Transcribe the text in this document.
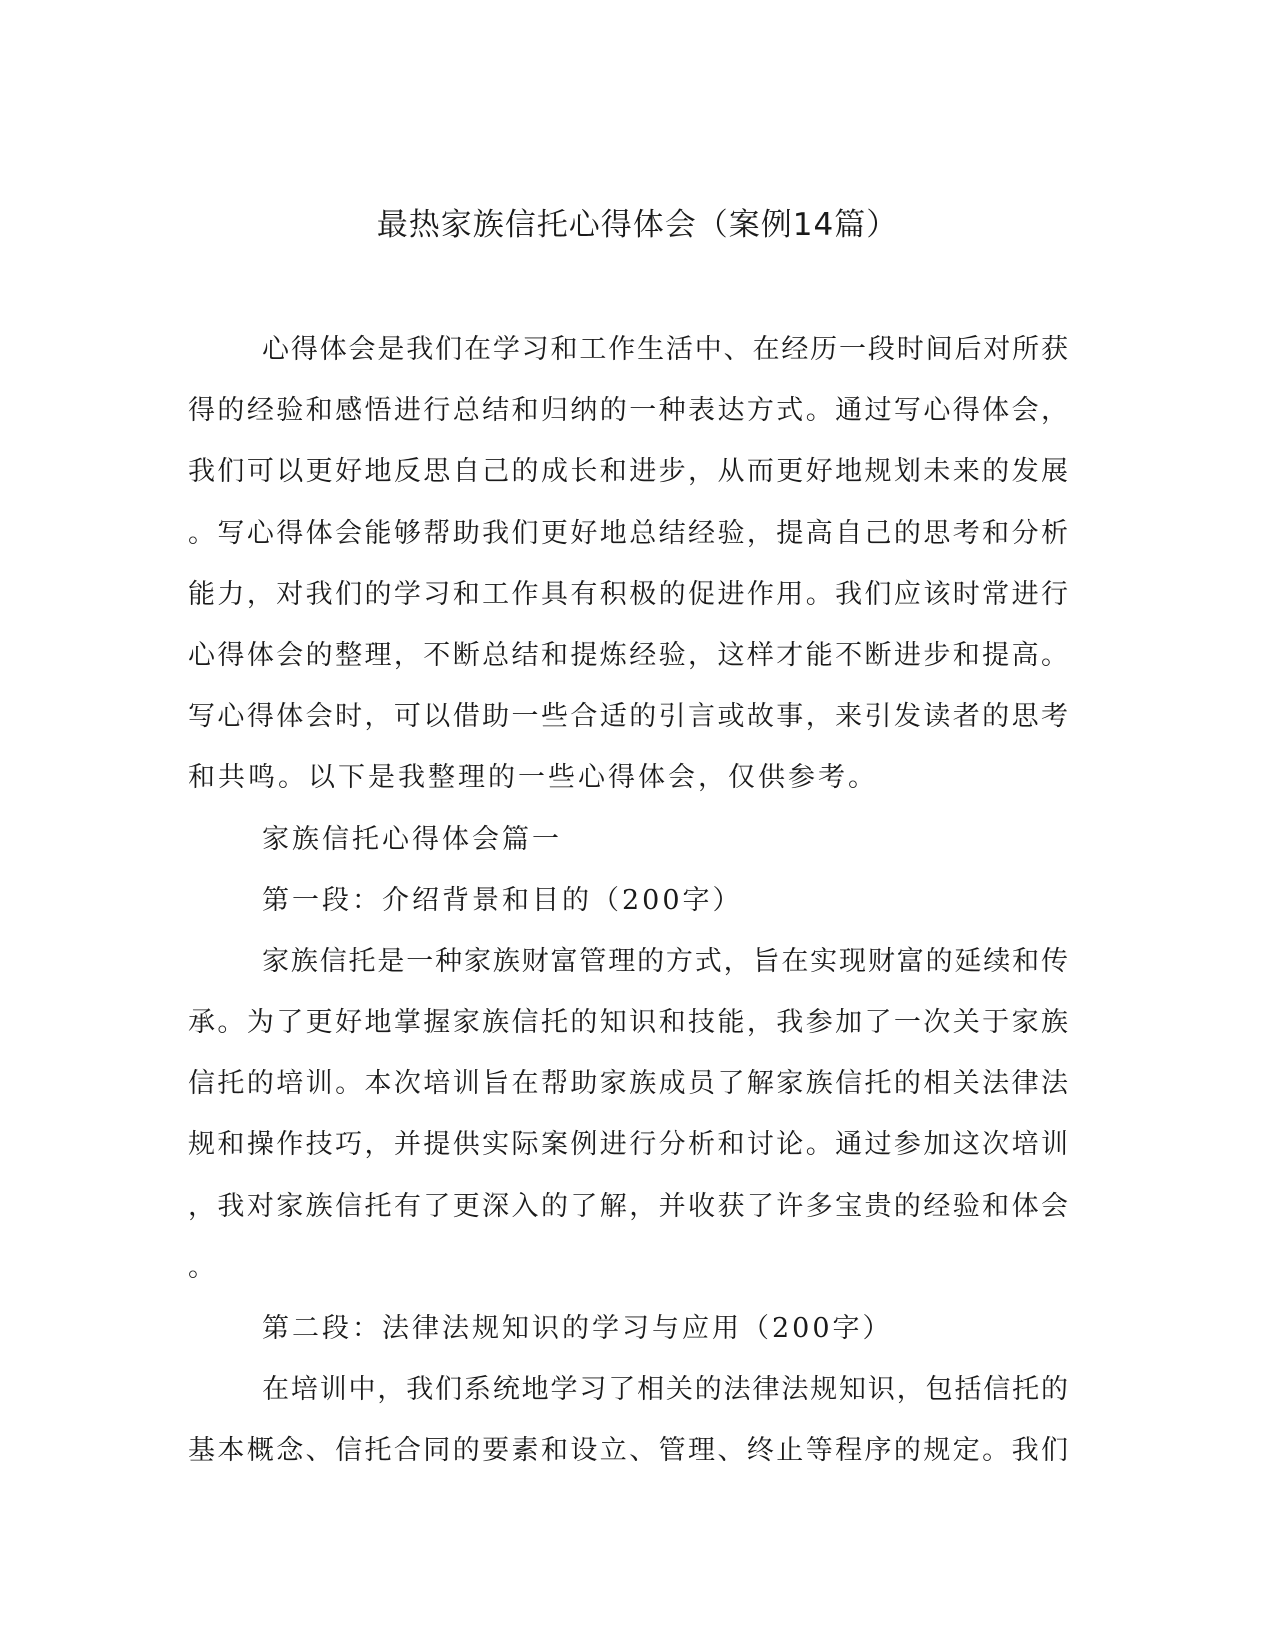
最热家族信托心得体会（案例14篇）
心得体会是我们在学习和工作生活中、在经历一段时间后对所获
得的经验和感悟进行总结和归纳的一种表达方式。通过写心得体会，
我们可以更好地反思自己的成长和进步，从而更好地规划未来的发展
。写心得体会能够帮助我们更好地总结经验，提高自己的思考和分析
能力，对我们的学习和工作具有积极的促进作用。我们应该时常进行
心得体会的整理，不断总结和提炼经验，这样才能不断进步和提高。
写心得体会时，可以借助一些合适的引言或故事，来引发读者的思考
和共鸣。以下是我整理的一些心得体会，仅供参考。
家族信托心得体会篇一
第一段：介绍背景和目的（200字）
家族信托是一种家族财富管理的方式，旨在实现财富的延续和传
承。为了更好地掌握家族信托的知识和技能，我参加了一次关于家族
信托的培训。本次培训旨在帮助家族成员了解家族信托的相关法律法
规和操作技巧，并提供实际案例进行分析和讨论。通过参加这次培训
，我对家族信托有了更深入的了解，并收获了许多宝贵的经验和体会
。
第二段：法律法规知识的学习与应用（200字）
在培训中，我们系统地学习了相关的法律法规知识，包括信托的
基本概念、信托合同的要素和设立、管理、终止等程序的规定。我们
